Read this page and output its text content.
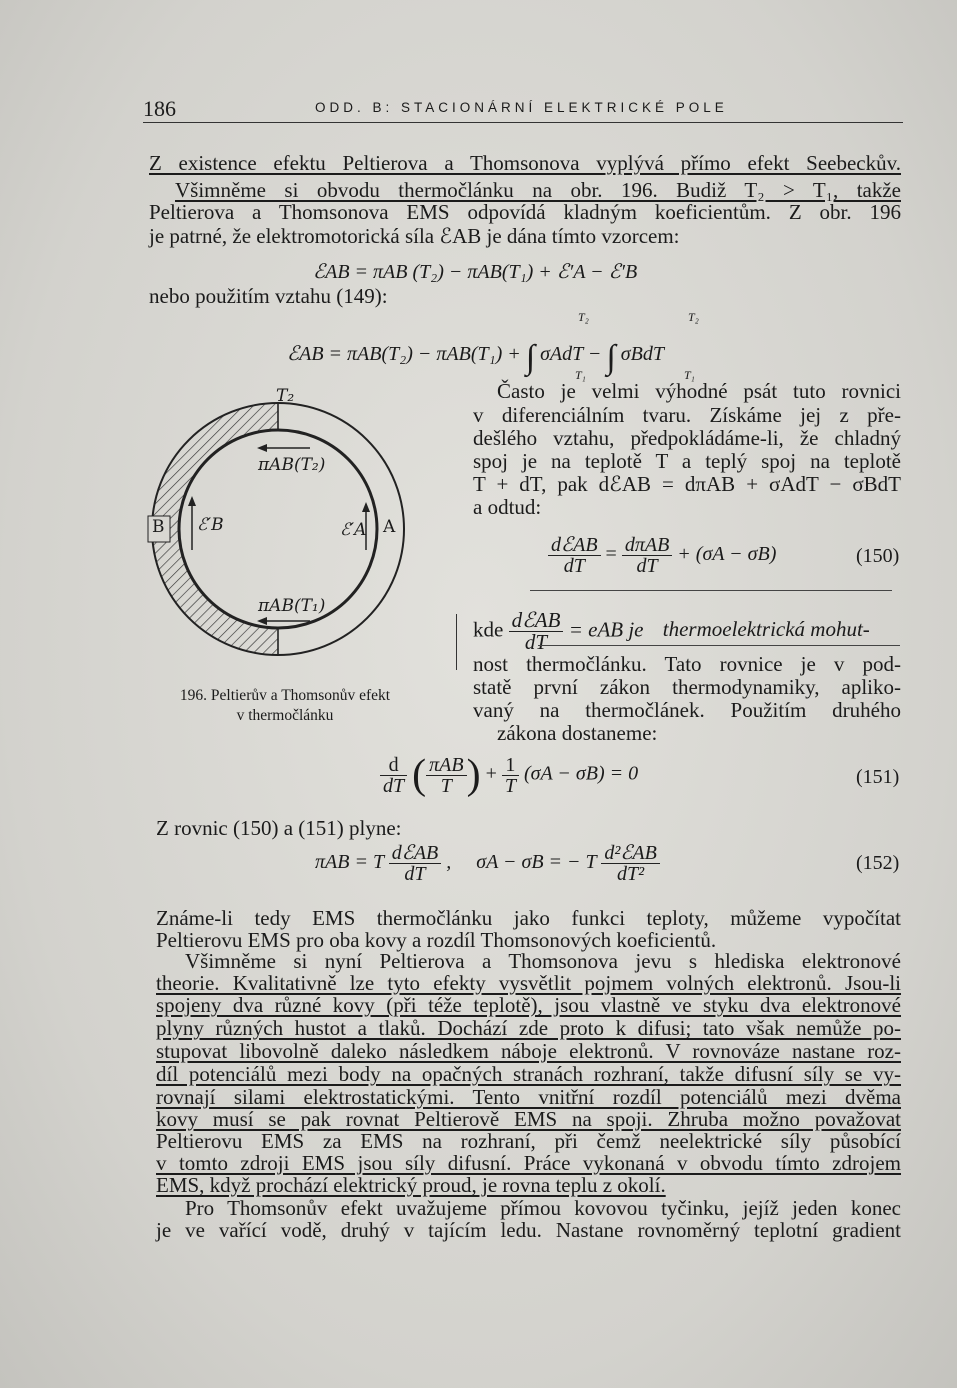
186	ODD. B: STACIONÁRNÍ ELEKTRICKÉ POLE
Z existence efektu Peltierova a Thomsonova vyplývá přímo efekt Seebeckův.
Všimněme si obvodu thermočlánku na obr. 196. Budiž T₂ > T₁, takže
Peltierova a Thomsonova EMS odpovídá kladným koeficientům. Z obr. 196
je patrné, že elektromotorická síla ℰAB je dána tímto vzorcem:
ℰAB = πAB (T₂) − πAB(T₁) + ℰ′A − ℰ′B
nebo použitím vztahu (149):
ℰAB = πAB(T₂) − πAB(T₁) + ∫ σAdT − ∫ σBdT
T₂
T₁
T₂
T₁
Často je velmi výhodné psát tuto rovnici
v diferenciálním tvaru. Získáme jej z pře-
dešlého vztahu, předpokládáme-li, že chladný
spoj je na teplotě T a teplý spoj na teplotě
T + dT, pak dℰAB = dπAB + σAdT − σBdT
a odtud:
$\frac{\text{dℰAB}}{dT} = \frac{\text{dπAB}}{dT} + (\sigma A - \sigma B)$	(150)
kde $\frac{\text{dℰAB}}{dT}$ = eAB je thermoelektrická mohut-
nost thermočlánku. Tato rovnice je v pod-
statě první zákon thermodynamiky, apliko-
vaný na thermočlánek. Použitím druhého
zákona dostaneme:
$\frac{d}{dT}$ ( $\frac{\text{πAB}}{T}$ ) + $\frac{1}{T} (\sigma A - \sigma B) = 0$	(151)
Z rovnic (150) a (151) plyne:
πAB = T $\frac{\text{dℰAB}}{dT}$ ,     σA − σB = − T $\frac{\text{d²ℰAB}}{\text{dT²}}$	(152)
Známe-li tedy EMS thermočlánku jako funkci teploty, můžeme vypočítat
Peltierovu EMS pro oba kovy a rozdíl Thomsonových koeficientů.
Všimněme si nyní Peltierova a Thomsonova jevu s hlediska elektronové
theorie. Kvalitativně lze tyto efekty vysvětlit pojmem volných elektronů. Jsou-li
spojeny dva různé kovy (při téže teplotě), jsou vlastně ve styku dva elektronové
plyny různých hustot a tlaků. Dochází zde proto k difusi; tato však nemůže po-
stupovat libovolně daleko následkem náboje elektronů. V rovnováze nastane roz-
díl potenciálů mezi body na opačných stranách rozhraní, takže difusní síly se vy-
rovnají silami elektrostatickými. Tento vnitřní rozdíl potenciálů mezi dvěma
kovy musí se pak rovnat Peltierově EMS na spoji. Zhruba možno považovat
Peltierovu EMS za EMS na rozhraní, při čemž neelektrické síly působící
v tomto zdroji EMS jsou síly difusní. Práce vykonaná v obvodu tímto zdrojem
EMS, když prochází elektrický proud, je rovna teplu z okolí.
Pro Thomsonův efekt uvažujeme přímou kovovou tyčinku, jejíž jeden konec
je ve vařící vodě, druhý v tajícím ledu. Nastane rovnoměrný teplotní gradient
T₂
B	A
ℰ′B	ℰ′A
πAB(T₂)
πAB(T₁)
196. Peltierův a Thomsonův efekt
v thermočlánku
